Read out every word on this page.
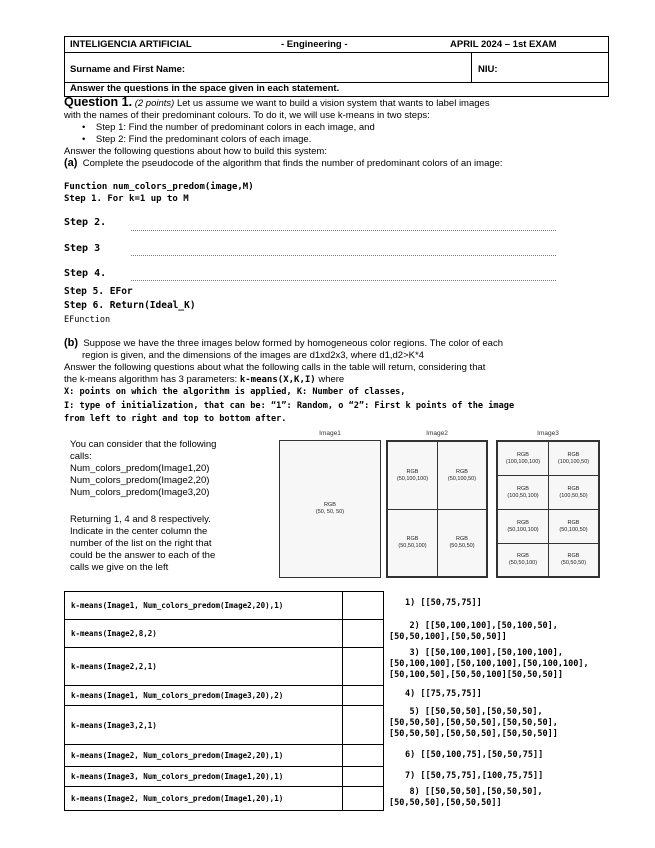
INTELIGENCIA ARTIFICIAL	- Engineering -	APRIL 2024 – 1st EXAM
Surname and First Name:	NIU:
Answer the questions in the space given in each statement.
Question 1. (2 points) Let us assume we want to build a vision system that wants to label images
with the names of their predominant colours. To do it, we will use k-means in two steps:
•    Step 1: Find the number of predominant colors in each image, and
•    Step 2: Find the predominant colors of each image.
Answer the following questions about how to build this system:
(a) Complete the pseudocode of the algorithm that finds the number of predominant colors of an image:
Function num_colors_predom(image,M)
Step 1. For k=1 up to M
Step 2.
Step 3
Step 4.
Step 5. EFor
Step 6. Return(Ideal_K)
EFunction
(b) Suppose we have the three images below formed by homogeneous color regions. The color of each
region is given, and the dimensions of the images are d1xd2x3, where d1,d2>K*4
Answer the following questions about what the following calls in the table will return, considering that
the k-means algorithm has 3 parameters: k-means(X,K,I) where
X: points on which the algorithm is applied, K: Number of classes,
I: type of initialization, that can be: “1”: Random, o “2”: First k points of the image
from left to right and top to bottom after.
You can consider that the following
calls:
Num_colors_predom(Image1,20)
Num_colors_predom(Image2,20)
Num_colors_predom(Image3,20)
Returning 1, 4 and 8 respectively.
Indicate in the center column the
number of the list on the right that
could be the answer to each of the
calls we give on the left
Image1
RGB
(50, 50, 50)
Image2
RGB
(50,100,100)
RGB
(50,100,50)
RGB
(50,50,100)
RGB
(50,50,50)
Image3
RGB
(100,100,100)
RGB
(100,100,50)
RGB
(100,50,100)
RGB
(100,50,50)
RGB
(50,100,100)
RGB
(50,100,50)
RGB
(50,50,100)
RGB
(50,50,50)
k-means(Image1, Num_colors_predom(Image2,20),1)
k-means(Image2,8,2)
k-means(Image2,2,1)
k-means(Image1, Num_colors_predom(Image3,20),2)
k-means(Image3,2,1)
k-means(Image2, Num_colors_predom(Image2,20),1)
k-means(Image3, Num_colors_predom(Image1,20),1)
k-means(Image2, Num_colors_predom(Image1,20),1)
1) [[50,75,75]]
2) [[50,100,100],[50,100,50],
[50,50,100],[50,50,50]]
3) [[50,100,100],[50,100,100],
[50,100,100],[50,100,100],[50,100,100],
[50,100,50],[50,50,100][50,50,50]]
4) [[75,75,75]]
5) [[50,50,50],[50,50,50],
[50,50,50],[50,50,50],[50,50,50],
[50,50,50],[50,50,50],[50,50,50]]
6) [[50,100,75],[50,50,75]]
7) [[50,75,75],[100,75,75]]
8) [[50,50,50],[50,50,50],
[50,50,50],[50,50,50]]
